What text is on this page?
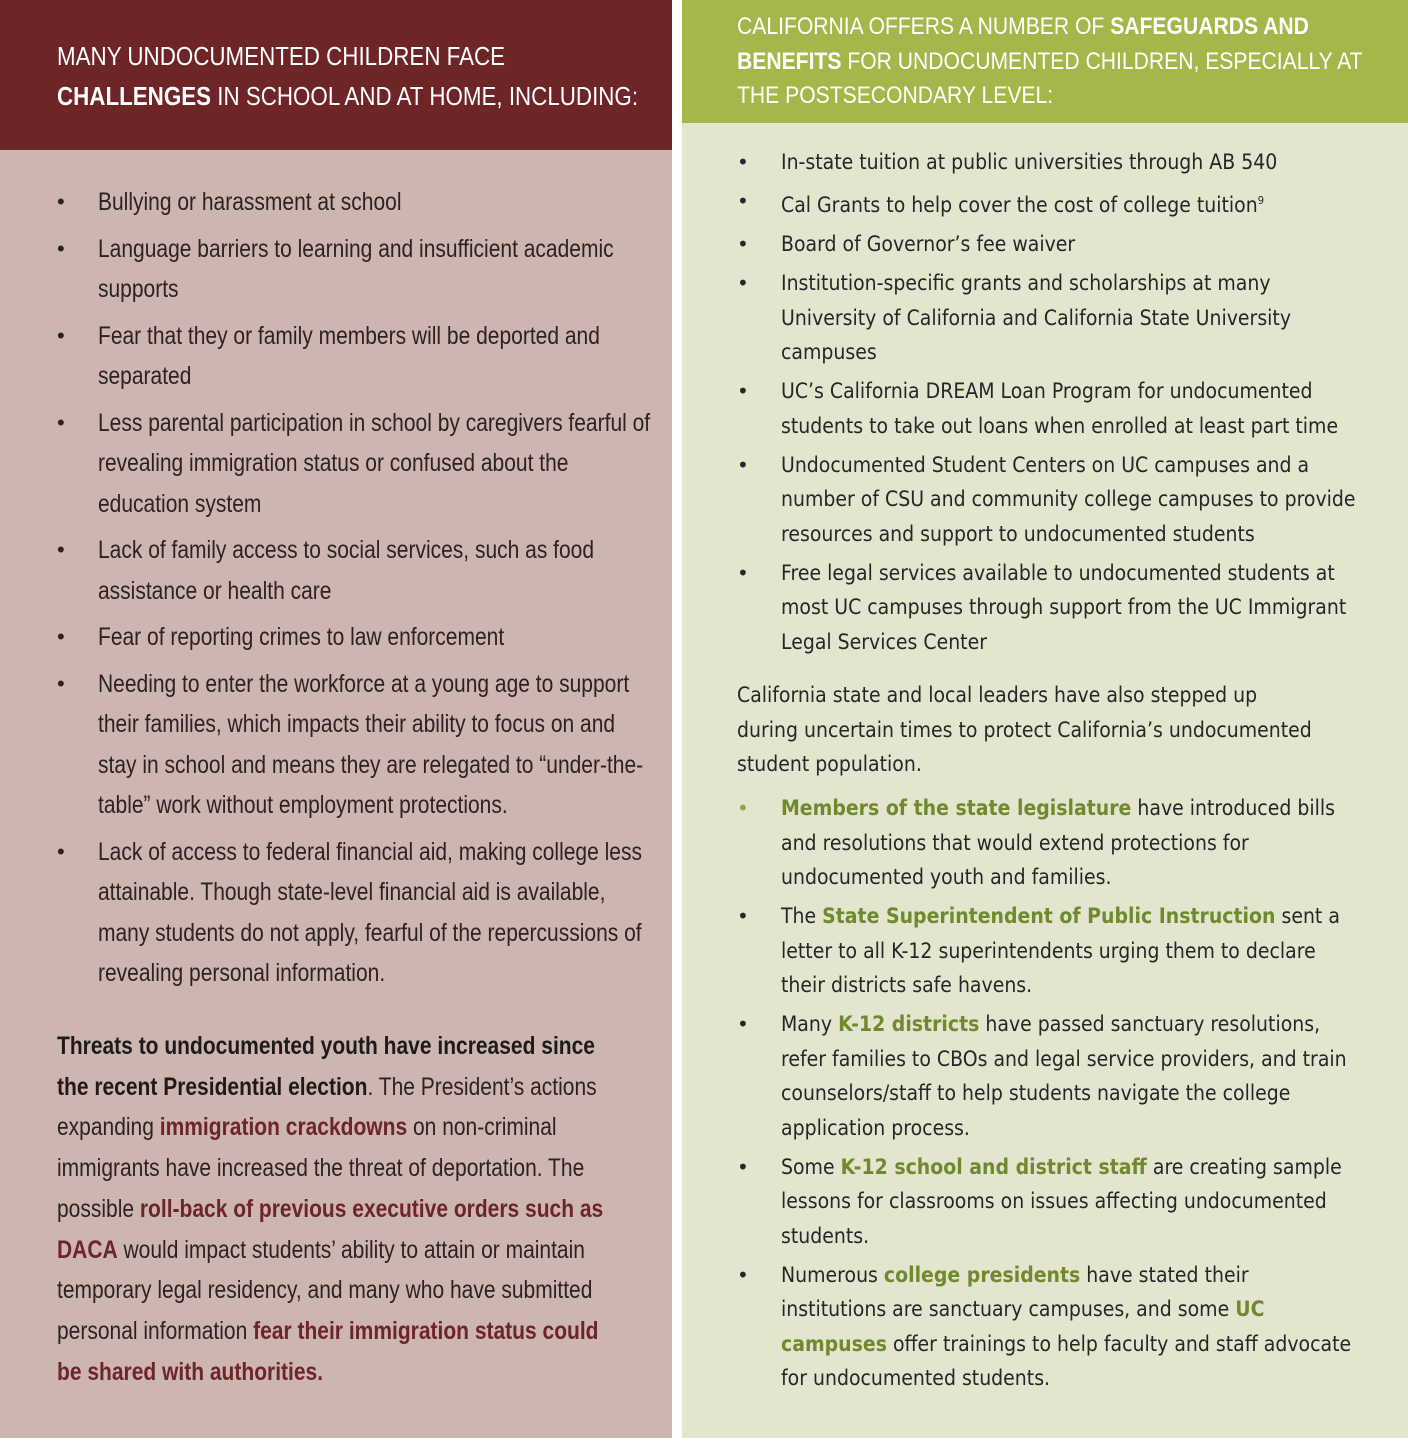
MANY UNDOCUMENTED CHILDREN FACE CHALLENGES IN SCHOOL AND AT HOME, INCLUDING:
• Bullying or harassment at school
• Language barriers to learning and insufficient academic supports
• Fear that they or family members will be deported and separated
• Less parental participation in school by caregivers fearful of revealing immigration status or confused about the education system
• Lack of family access to social services, such as food assistance or health care
• Fear of reporting crimes to law enforcement
• Needing to enter the workforce at a young age to support their families, which impacts their ability to focus on and stay in school and means they are relegated to “under-the-table” work without employment protections.
• Lack of access to federal financial aid, making college less attainable. Though state-level financial aid is available, many students do not apply, fearful of the repercussions of revealing personal information.
Threats to undocumented youth have increased since the recent Presidential election. The President’s actions expanding immigration crackdowns on non-criminal immigrants have increased the threat of deportation. The possible roll-back of previous executive orders such as DACA would impact students’ ability to attain or maintain temporary legal residency, and many who have submitted personal information fear their immigration status could be shared with authorities.
CALIFORNIA OFFERS A NUMBER OF SAFEGUARDS AND BENEFITS FOR UNDOCUMENTED CHILDREN, ESPECIALLY AT THE POSTSECONDARY LEVEL:
• In-state tuition at public universities through AB 540
• Cal Grants to help cover the cost of college tuition$^9$
• Board of Governor’s fee waiver
• Institution-specific grants and scholarships at many University of California and California State University campuses
• UC’s California DREAM Loan Program for undocumented students to take out loans when enrolled at least part time
• Undocumented Student Centers on UC campuses and a number of CSU and community college campuses to provide resources and support to undocumented students
• Free legal services available to undocumented students at most UC campuses through support from the UC Immigrant Legal Services Center
California state and local leaders have also stepped up during uncertain times to protect California’s undocumented student population.
• Members of the state legislature have introduced bills and resolutions that would extend protections for undocumented youth and families.
• The State Superintendent of Public Instruction sent a letter to all K-12 superintendents urging them to declare their districts safe havens.
• Many K-12 districts have passed sanctuary resolutions, refer families to CBOs and legal service providers, and train counselors/staff to help students navigate the college application process.
• Some K-12 school and district staff are creating sample lessons for classrooms on issues affecting undocumented students.
• Numerous college presidents have stated their institutions are sanctuary campuses, and some UC campuses offer trainings to help faculty and staff advocate for undocumented students.
